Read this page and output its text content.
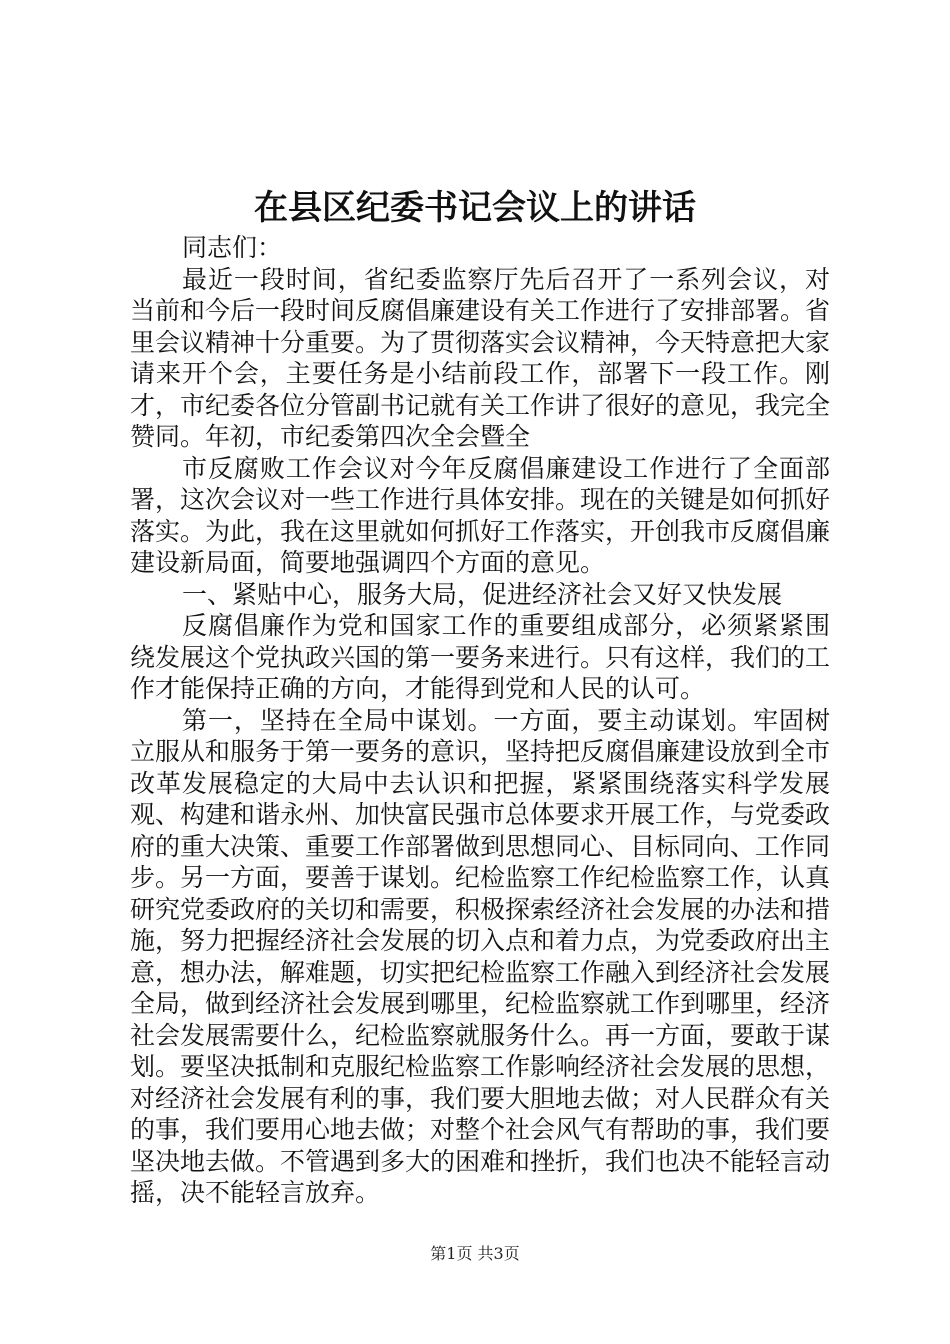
在县区纪委书记会议上的讲话

同志们：

最近一段时间，省纪委监察厅先后召开了一系列会议，对当前和今后一段时间反腐倡廉建设有关工作进行了安排部署。省里会议精神十分重要。为了贯彻落实会议精神，今天特意把大家请来开个会，主要任务是小结前段工作，部署下一段工作。刚才，市纪委各位分管副书记就有关工作讲了很好的意见，我完全赞同。年初，市纪委第四次全会暨全

市反腐败工作会议对今年反腐倡廉建设工作进行了全面部署，这次会议对一些工作进行具体安排。现在的关键是如何抓好落实。为此，我在这里就如何抓好工作落实，开创我市反腐倡廉建设新局面，简要地强调四个方面的意见。

一、紧贴中心，服务大局，促进经济社会又好又快发展

反腐倡廉作为党和国家工作的重要组成部分，必须紧紧围绕发展这个党执政兴国的第一要务来进行。只有这样，我们的工作才能保持正确的方向，才能得到党和人民的认可。

第一，坚持在全局中谋划。一方面，要主动谋划。牢固树立服从和服务于第一要务的意识，坚持把反腐倡廉建设放到全市改革发展稳定的大局中去认识和把握，紧紧围绕落实科学发展观、构建和谐永州、加快富民强市总体要求开展工作，与党委政府的重大决策、重要工作部署做到思想同心、目标同向、工作同步。另一方面，要善于谋划。纪检监察工作纪检监察工作，认真研究党委政府的关切和需要，积极探索经济社会发展的办法和措施，努力把握经济社会发展的切入点和着力点，为党委政府出主意，想办法，解难题，切实把纪检监察工作融入到经济社会发展全局，做到经济社会发展到哪里，纪检监察就工作到哪里，经济社会发展需要什么，纪检监察就服务什么。再一方面，要敢于谋划。要坚决抵制和克服纪检监察工作影响经济社会发展的思想，对经济社会发展有利的事，我们要大胆地去做；对人民群众有关的事，我们要用心地去做；对整个社会风气有帮助的事，我们要坚决地去做。不管遇到多大的困难和挫折，我们也决不能轻言动摇，决不能轻言放弃。

第1页 共3页
